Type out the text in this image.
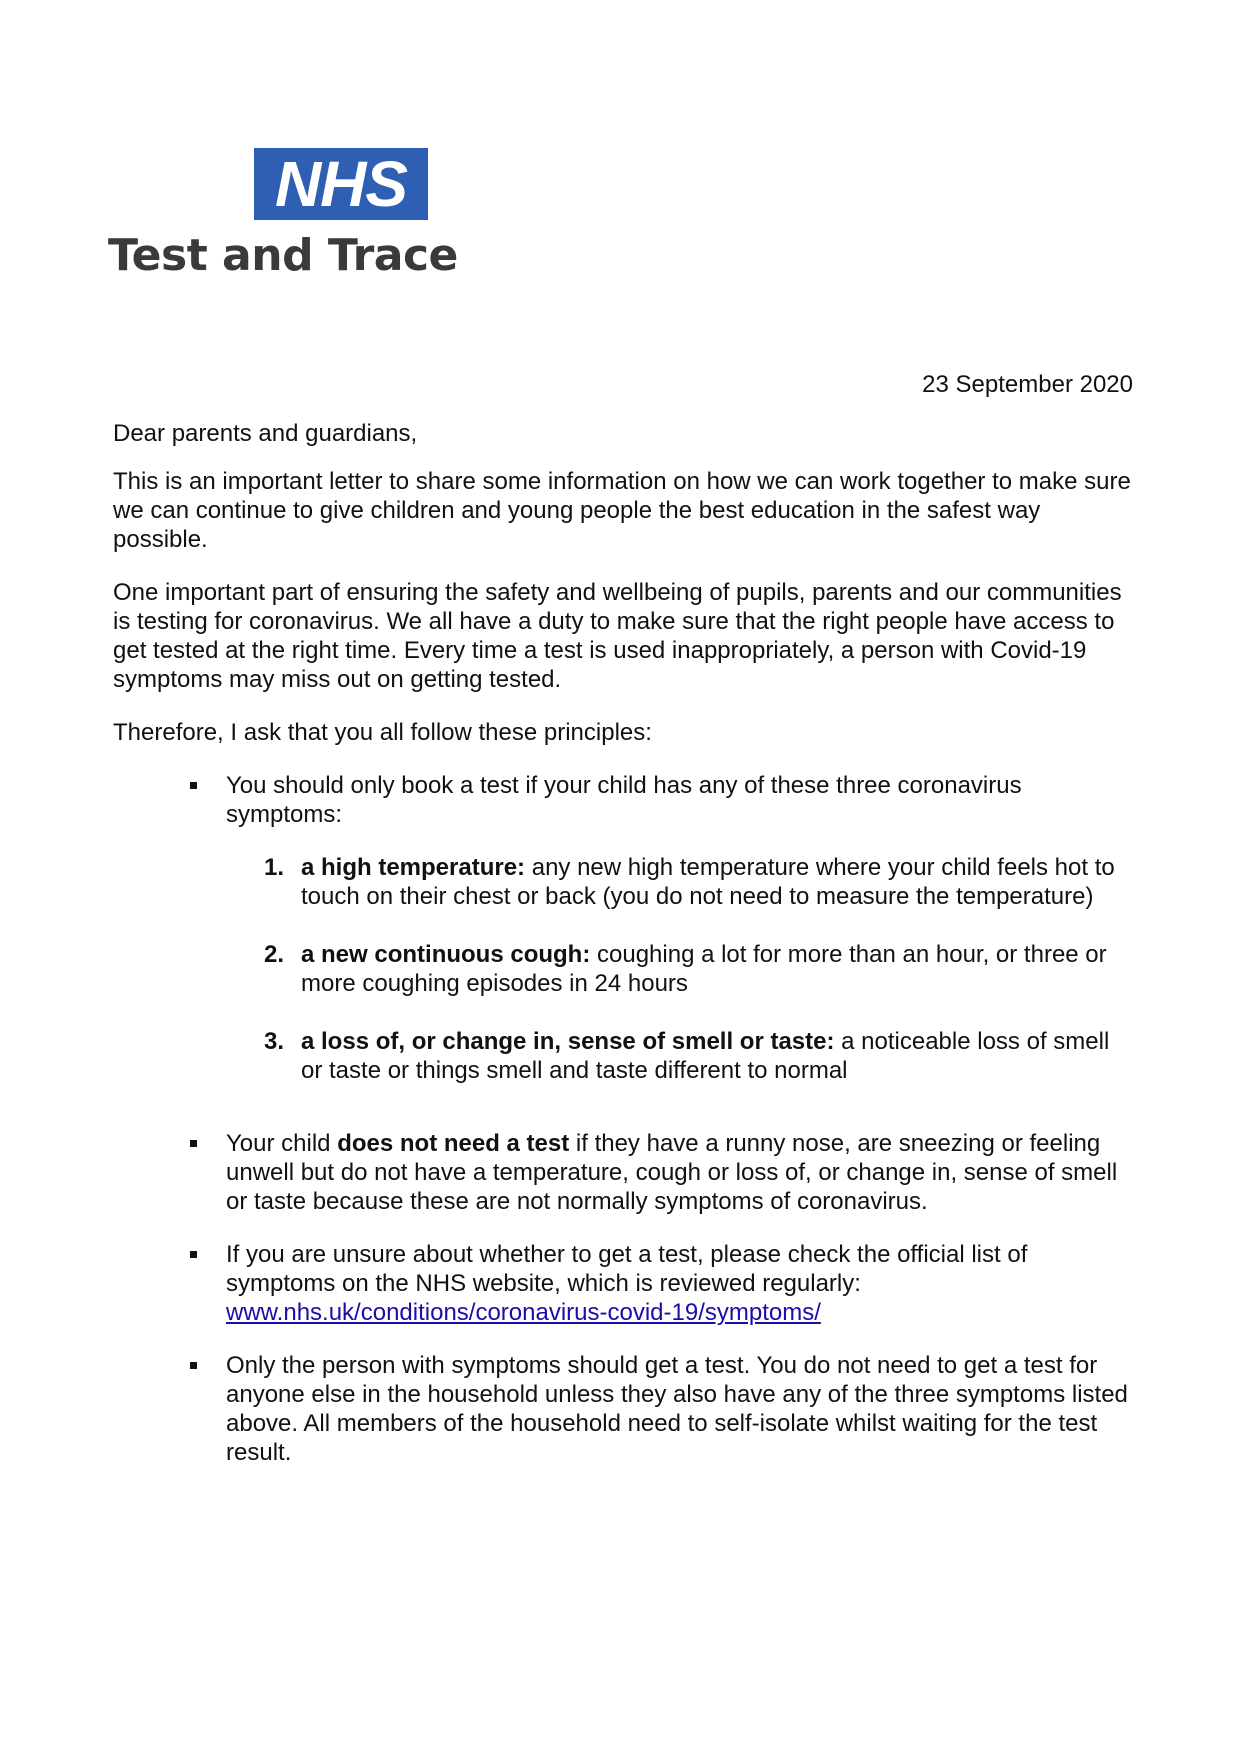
NHS
Test and Trace

23 September 2020

Dear parents and guardians,

This is an important letter to share some information on how we can work together to make sure we can continue to give children and young people the best education in the safest way possible.

One important part of ensuring the safety and wellbeing of pupils, parents and our communities is testing for coronavirus. We all have a duty to make sure that the right people have access to get tested at the right time. Every time a test is used inappropriately, a person with Covid-19 symptoms may miss out on getting tested.

Therefore, I ask that you all follow these principles:

You should only book a test if your child has any of these three coronavirus symptoms:
1. a high temperature: any new high temperature where your child feels hot to touch on their chest or back (you do not need to measure the temperature)
2. a new continuous cough: coughing a lot for more than an hour, or three or more coughing episodes in 24 hours
3. a loss of, or change in, sense of smell or taste: a noticeable loss of smell or taste or things smell and taste different to normal
Your child does not need a test if they have a runny nose, are sneezing or feeling unwell but do not have a temperature, cough or loss of, or change in, sense of smell or taste because these are not normally symptoms of coronavirus.
If you are unsure about whether to get a test, please check the official list of symptoms on the NHS website, which is reviewed regularly: www.nhs.uk/conditions/coronavirus-covid-19/symptoms/
Only the person with symptoms should get a test. You do not need to get a test for anyone else in the household unless they also have any of the three symptoms listed above. All members of the household need to self-isolate whilst waiting for the test result.
